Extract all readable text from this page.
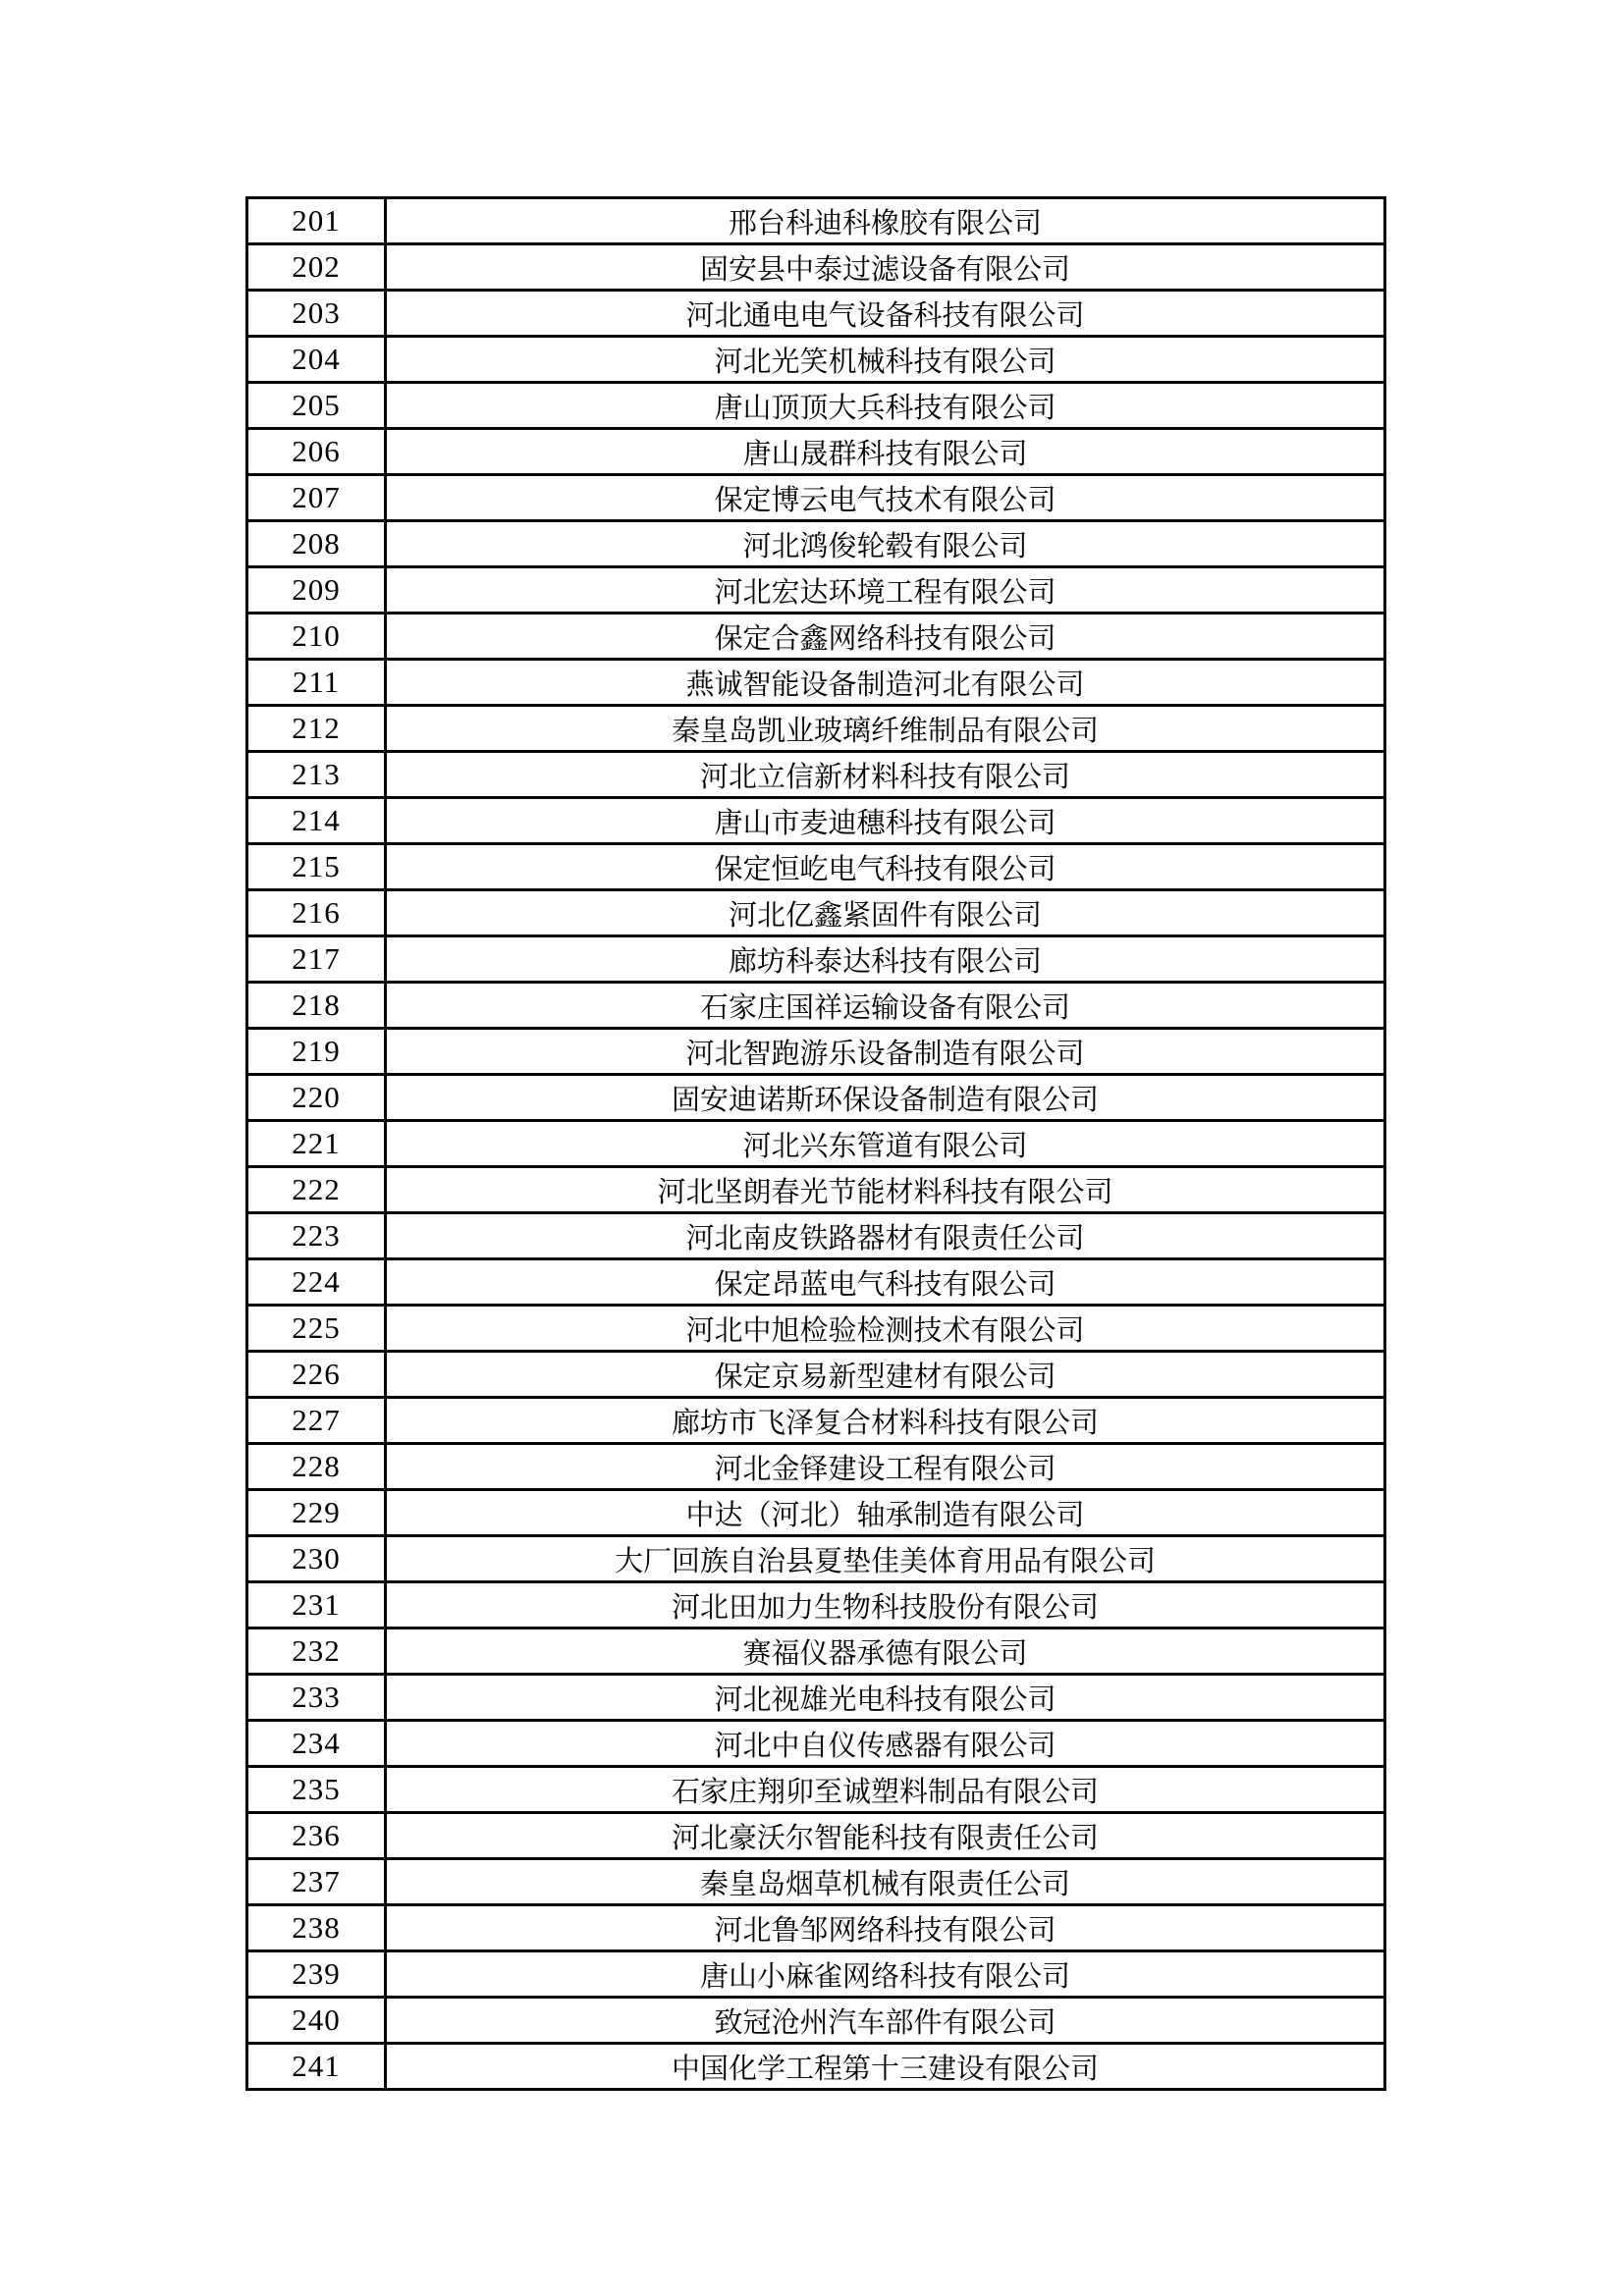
201	邢台科迪科橡胶有限公司
202	固安县中泰过滤设备有限公司
203	河北通电电气设备科技有限公司
204	河北光笑机械科技有限公司
205	唐山顶顶大兵科技有限公司
206	唐山晟群科技有限公司
207	保定博云电气技术有限公司
208	河北鸿俊轮毂有限公司
209	河北宏达环境工程有限公司
210	保定合鑫网络科技有限公司
211	燕诚智能设备制造河北有限公司
212	秦皇岛凯业玻璃纤维制品有限公司
213	河北立信新材料科技有限公司
214	唐山市麦迪穗科技有限公司
215	保定恒屹电气科技有限公司
216	河北亿鑫紧固件有限公司
217	廊坊科泰达科技有限公司
218	石家庄国祥运输设备有限公司
219	河北智跑游乐设备制造有限公司
220	固安迪诺斯环保设备制造有限公司
221	河北兴东管道有限公司
222	河北坚朗春光节能材料科技有限公司
223	河北南皮铁路器材有限责任公司
224	保定昂蓝电气科技有限公司
225	河北中旭检验检测技术有限公司
226	保定京易新型建材有限公司
227	廊坊市飞泽复合材料科技有限公司
228	河北金铎建设工程有限公司
229	中达（河北）轴承制造有限公司
230	大厂回族自治县夏垫佳美体育用品有限公司
231	河北田加力生物科技股份有限公司
232	赛福仪器承德有限公司
233	河北视雄光电科技有限公司
234	河北中自仪传感器有限公司
235	石家庄翔卯至诚塑料制品有限公司
236	河北豪沃尔智能科技有限责任公司
237	秦皇岛烟草机械有限责任公司
238	河北鲁邹网络科技有限公司
239	唐山小麻雀网络科技有限公司
240	致冠沧州汽车部件有限公司
241	中国化学工程第十三建设有限公司
